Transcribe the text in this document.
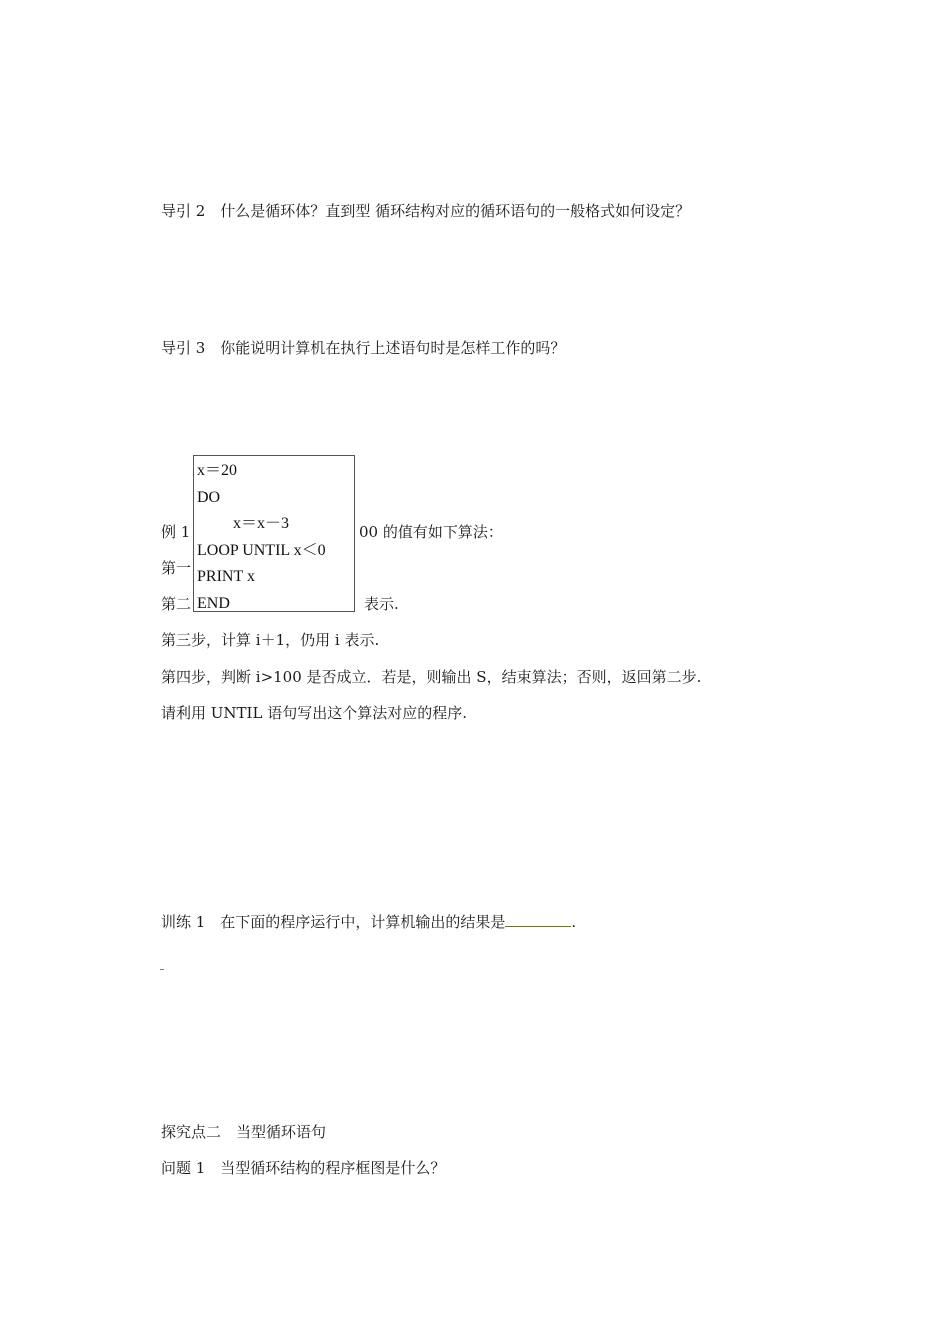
导引 2　什么是循环体？直到型 循环结构对应的循环语句的一般格式如何设定？
导引 3　你能说明计算机在执行上述语句时是怎样工作的吗？
例 1	00 的值有如下算法：
第一
第二	表示.
第三步，计算 i＋1，仍用 i 表示.
第四步，判断 i>100 是否成立．若是，则输出 S，结束算法；否则，返回第二步.
请利用 UNTIL 语句写出这个算法对应的程序.
x＝20
DO
x＝x－3
LOOP UNTIL x＜0
PRINT x
END
训练 1　在下面的程序运行中，计算机输出的结果是	.
探究点二　当型循环语句
问题 1　当型循环结构的程序框图是什么？
